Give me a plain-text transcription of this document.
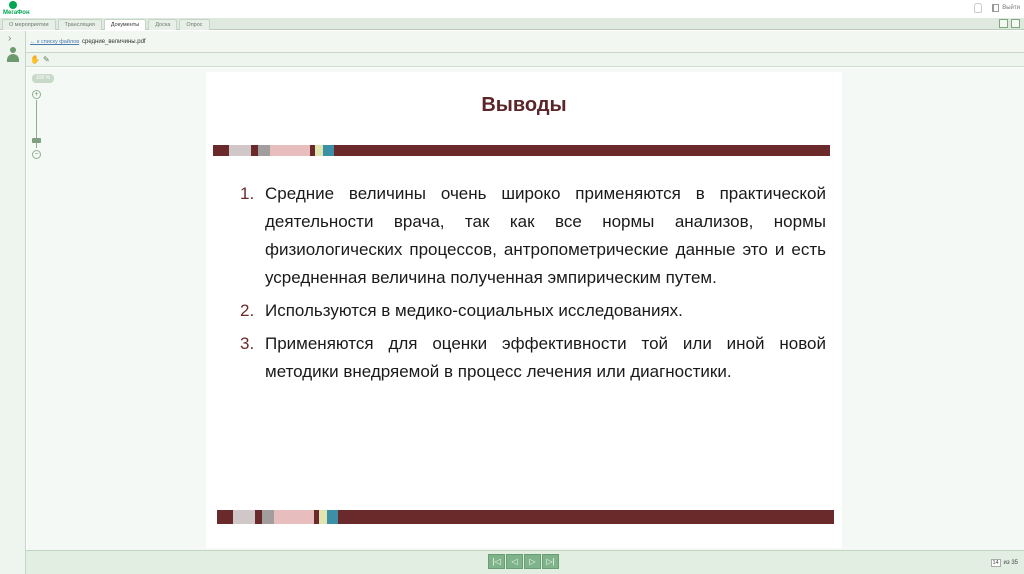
МегаФон
Выйти
О мероприятии	Трансляция	Документы	Доска	Опрос
›	← к списку файлов средние_величины.pdf
✋ ✎
100 %
+
−
Выводы
1. Средние величины очень широко применяются в практической деятельности врача, так как все нормы анализов, нормы физиологических процессов, антропометрические данные это и есть усредненная величина полученная эмпирическим путем.
2. Используются в медико-социальных исследованиях.
3. Применяются для оценки эффективности той или иной новой методики внедряемой в процесс лечения или диагностики.
|◁	◁	▷	▷|	14 из 35
